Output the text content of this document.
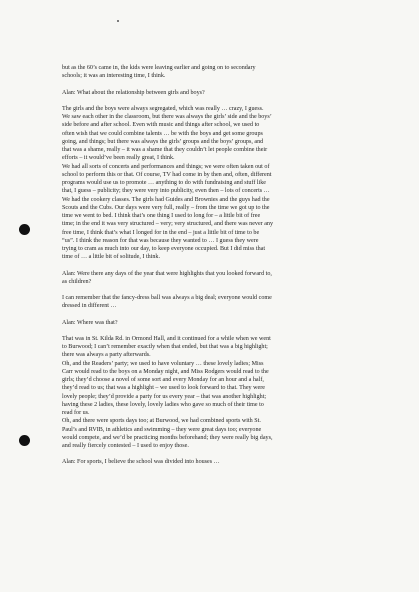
but as the 60’s came in, the kids were leaving earlier and going on to secondary
schools; it was an interesting time, I think.
Alan: What about the relationship between girls and boys?
The girls and the boys were always segregated, which was really … crazy, I guess.
We saw each other in the classroom, but there was always the girls’ side and the boys’
side before and after school. Even with music and things after school, we used to
often wish that we could combine talents … be with the boys and get some groups
going, and things; but there was always the girls’ groups and the boys’ groups, and
that was a shame, really – it was a shame that they couldn’t let people combine their
efforts – it would’ve been really great, I think.
We had all sorts of concerts and performances and things; we were often taken out of
school to perform this or that. Of course, TV had come in by then and, often, different
programs would use us to promote … anything to do with fundraising and stuff like
that, I guess – publicity; they were very into publicity, even then – lots of concerts …
We had the cookery classes. The girls had Guides and Brownies and the guys had the
Scouts and the Cubs. Our days were very full, really – from the time we got up to the
time we went to bed. I think that’s one thing I used to long for – a little bit of free
time; in the end it was very structured – very; very structured, and there was never any
free time, I think that’s what I longed for in the end – just a little bit of time to be
“us”. I think the reason for that was because they wanted to … I guess they were
trying to cram as much into our day, to keep everyone occupied. But I did miss that
time of … a little bit of solitude, I think.
Alan: Were there any days of the year that were highlights that you looked forward to,
as children?
I can remember that the fancy-dress ball was always a big deal; everyone would come
dressed in different …
Alan: Where was that?
That was in St. Kilda Rd. in Ormond Hall, and it continued for a while when we went
to Burwood; I can’t remember exactly when that ended, but that was a big highlight;
there was always a party afterwards.
Oh, and the Readers’ party; we used to have voluntary … these lovely ladies; Miss
Carr would read to the boys on a Monday night, and Miss Rodgers would read to the
girls; they’d choose a novel of some sort and every Monday for an hour and a half,
they’d read to us; that was a highlight – we used to look forward to that. They were
lovely people; they’d provide a party for us every year – that was another highlight;
having these 2 ladies, these lovely, lovely ladies who gave so much of their time to
read for us.
Oh, and there were sports days too; at Burwood, we had combined sports with St.
Paul’s and RVIB, in athletics and swimming – they were great days too; everyone
would compete, and we’d be practicing months beforehand; they were really big days,
and really fiercely contested – I used to enjoy those.
Alan: For sports, I believe the school was divided into houses …
